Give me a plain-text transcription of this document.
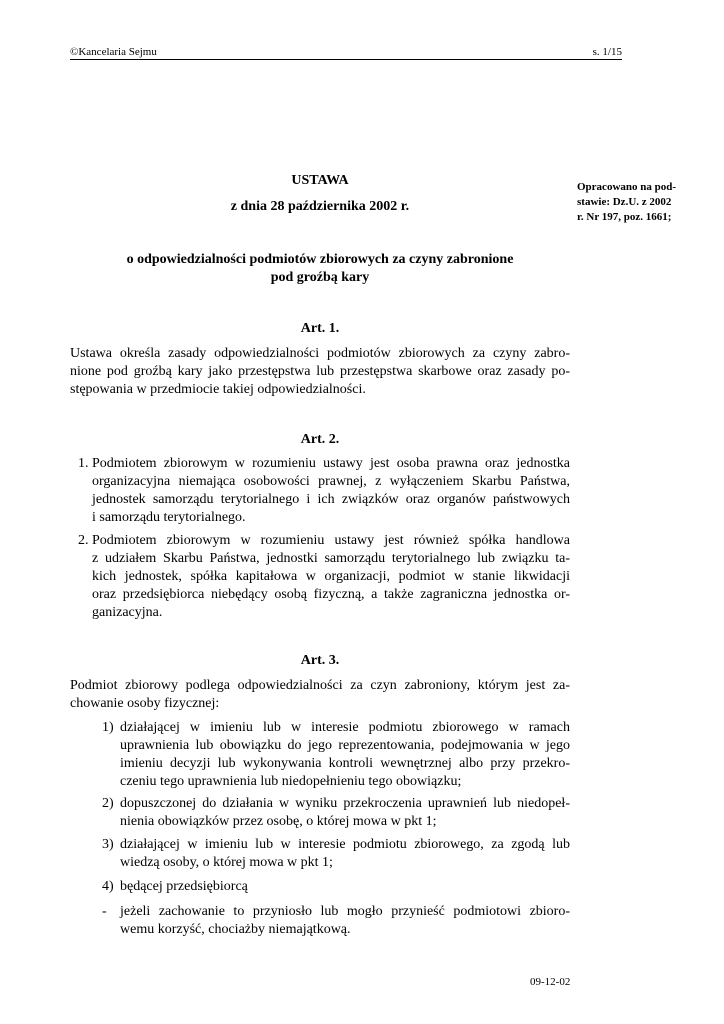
©Kancelaria Sejmu	s. 1/15
USTAWA
z dnia 28 października 2002 r.
o odpowiedzialności podmiotów zbiorowych za czyny zabronione
pod groźbą kary
Opracowano na pod-
stawie: Dz.U. z 2002
r. Nr 197, poz. 1661;
Art. 1.
Ustawa określa zasady odpowiedzialności podmiotów zbiorowych za czyny zabro-
nione pod groźbą kary jako przestępstwa lub przestępstwa skarbowe oraz zasady po-
stępowania w przedmiocie takiej odpowiedzialności.
Art. 2.
1. Podmiotem zbiorowym w rozumieniu ustawy jest osoba prawna oraz jednostka
organizacyjna niemająca osobowości prawnej, z wyłączeniem Skarbu Państwa,
jednostek samorządu terytorialnego i ich związków oraz organów państwowych
i samorządu terytorialnego.
2. Podmiotem zbiorowym w rozumieniu ustawy jest również spółka handlowa
z udziałem Skarbu Państwa, jednostki samorządu terytorialnego lub związku ta-
kich jednostek, spółka kapitałowa w organizacji, podmiot w stanie likwidacji
oraz przedsiębiorca niebędący osobą fizyczną, a także zagraniczna jednostka or-
ganizacyjna.
Art. 3.
Podmiot zbiorowy podlega odpowiedzialności za czyn zabroniony, którym jest za-
chowanie osoby fizycznej:
1) działającej w imieniu lub w interesie podmiotu zbiorowego w ramach
uprawnienia lub obowiązku do jego reprezentowania, podejmowania w jego
imieniu decyzji lub wykonywania kontroli wewnętrznej albo przy przekro-
czeniu tego uprawnienia lub niedopełnieniu tego obowiązku;
2) dopuszczonej do działania w wyniku przekroczenia uprawnień lub niedopeł-
nienia obowiązków przez osobę, o której mowa w pkt 1;
3) działającej w imieniu lub w interesie podmiotu zbiorowego, za zgodą lub
wiedzą osoby, o której mowa w pkt 1;
4) będącej przedsiębiorcą
- jeżeli zachowanie to przyniosło lub mogło przynieść podmiotowi zbioro-
wemu korzyść, chociażby niemajątkową.
09-12-02
